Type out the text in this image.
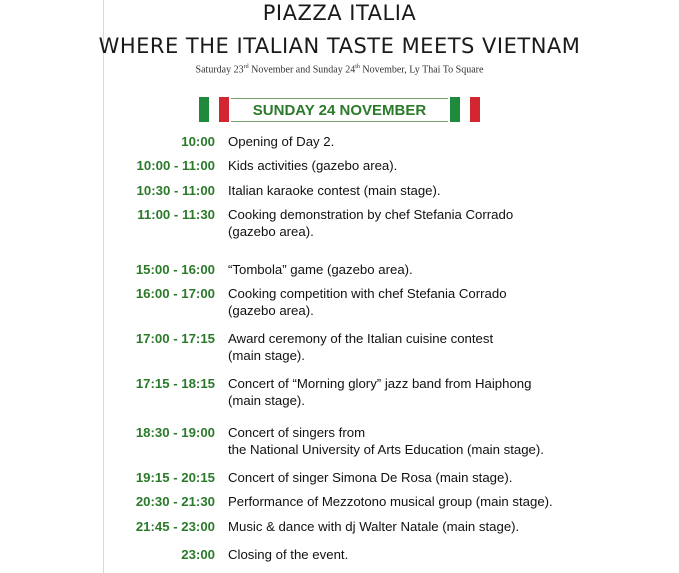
PIAZZA ITALIA
WHERE THE ITALIAN TASTE MEETS VIETNAM
Saturday 23rd November and Sunday 24th November, Ly Thai To Square
SUNDAY 24 NOVEMBER
10:00 Opening of Day 2.
10:00 - 11:00 Kids activities (gazebo area).
10:30 - 11:00 Italian karaoke contest (main stage).
11:00 - 11:30 Cooking demonstration by chef Stefania Corrado
(gazebo area).
15:00 - 16:00 “Tombola” game (gazebo area).
16:00 - 17:00 Cooking competition with chef Stefania Corrado
(gazebo area).
17:00 - 17:15 Award ceremony of the Italian cuisine contest
(main stage).
17:15 - 18:15 Concert of “Morning glory” jazz band from Haiphong
(main stage).
18:30 - 19:00 Concert of singers from
the National University of Arts Education (main stage).
19:15 - 20:15 Concert of singer Simona De Rosa (main stage).
20:30 - 21:30 Performance of Mezzotono musical group (main stage).
21:45 - 23:00 Music & dance with dj Walter Natale (main stage).
23:00 Closing of the event.
